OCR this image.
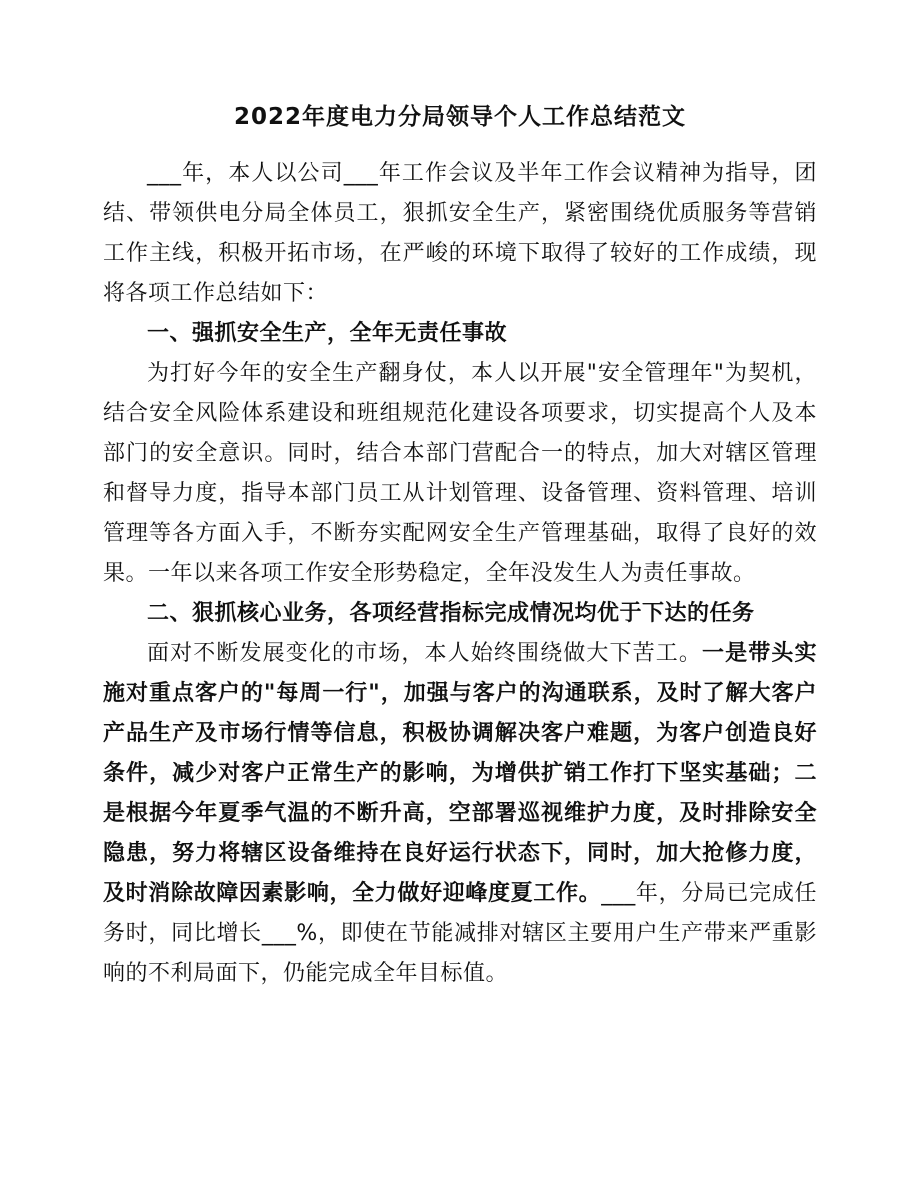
2022年度电力分局领导个人工作总结范文

___年，本人以公司___年工作会议及半年工作会议精神为指导，团结、带领供电分局全体员工，狠抓安全生产，紧密围绕优质服务等营销工作主线，积极开拓市场，在严峻的环境下取得了较好的工作成绩，现将各项工作总结如下：

一、强抓安全生产，全年无责任事故

为打好今年的安全生产翻身仗，本人以开展"安全管理年"为契机，结合安全风险体系建设和班组规范化建设各项要求，切实提高个人及本部门的安全意识。同时，结合本部门营配合一的特点，加大对辖区管理和督导力度，指导本部门员工从计划管理、设备管理、资料管理、培训管理等各方面入手，不断夯实配网安全生产管理基础，取得了良好的效果。一年以来各项工作安全形势稳定，全年没发生人为责任事故。

二、狠抓核心业务，各项经营指标完成情况均优于下达的任务

面对不断发展变化的市场，本人始终围绕做大下苦工。一是带头实施对重点客户的"每周一行"，加强与客户的沟通联系，及时了解大客户产品生产及市场行情等信息，积极协调解决客户难题，为客户创造良好条件，减少对客户正常生产的影响，为增供扩销工作打下坚实基础；二是根据今年夏季气温的不断升高，空部署巡视维护力度，及时排除安全隐患，努力将辖区设备维持在良好运行状态下，同时，加大抢修力度，及时消除故障因素影响，全力做好迎峰度夏工作。___年，分局已完成任务时，同比增长___%，即使在节能减排对辖区主要用户生产带来严重影响的不利局面下，仍能完成全年目标值。
